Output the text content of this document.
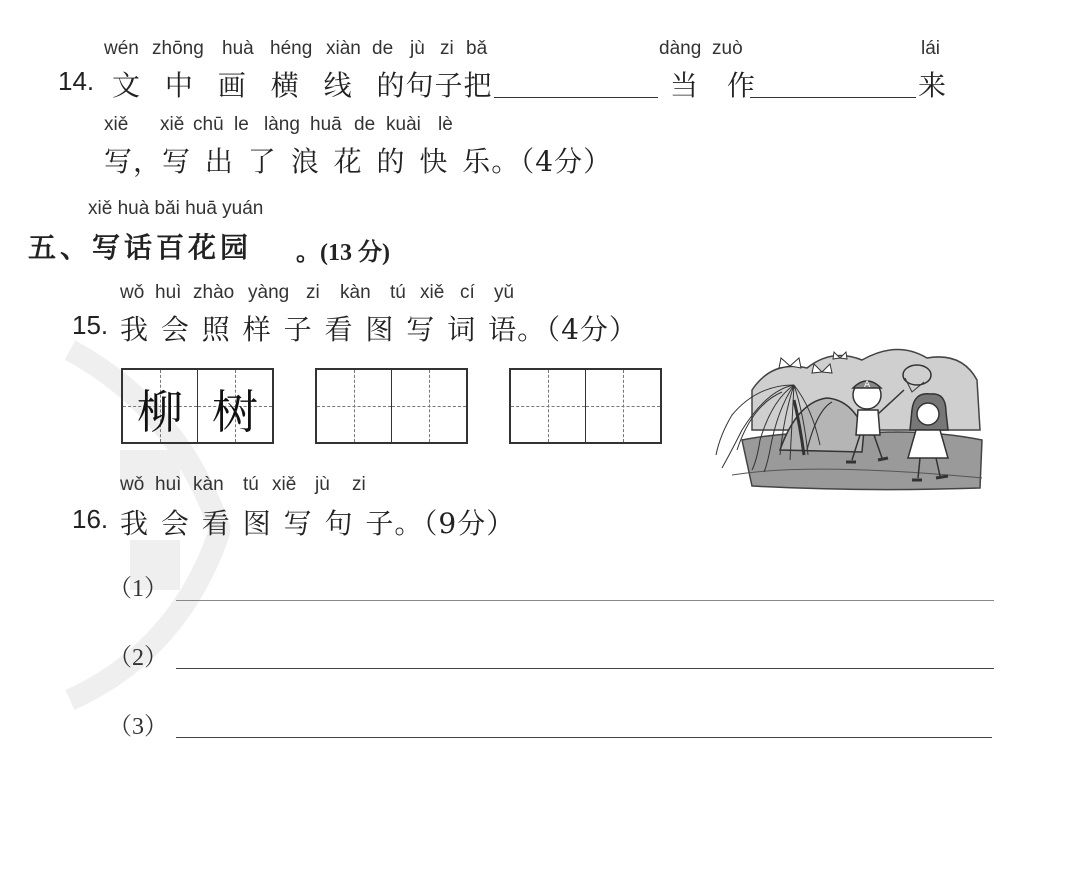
wén zhōng huà héng xiàn de jù zi bǎ	dàng zuò	lái
14. 文 中 画 横 线 的句子把	当 作	来
xiě xiě chū le làng huā de kuài lè
写，写 出 了 浪 花 的 快 乐。（4分）
xiě huà bǎi huā yuán
五、写话百花园 。(13 分)
wǒ huì zhào yàng zi kàn tú xiě cí yǔ
15. 我 会 照 样 子 看 图 写 词 语。（4分）
柳 树	A
wǒ huì kàn tú xiě jù zi
16. 我 会 看 图 写 句 子。（9分）
（1）
（2）
（3）
